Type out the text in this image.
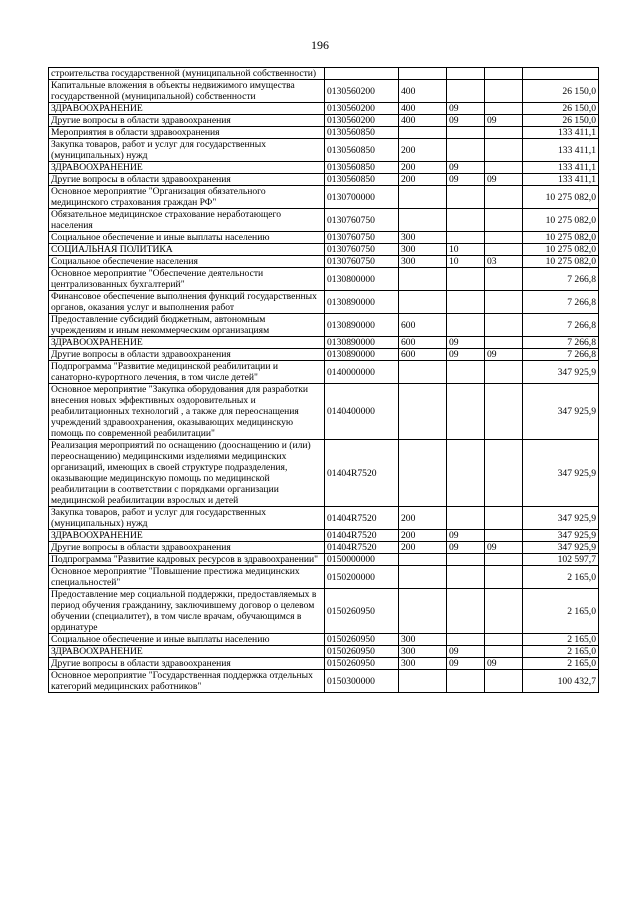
196
строительства государственной (муниципальной собственности)					
Капитальные вложения в объекты недвижимого имущества государственной (муниципальной) собственности	0130560200	400			26 150,0
ЗДРАВООХРАНЕНИЕ	0130560200	400	09		26 150,0
Другие вопросы в области здравоохранения	0130560200	400	09	09	26 150,0
Мероприятия в области здравоохранения	0130560850				133 411,1
Закупка товаров, работ и услуг для государственных (муниципальных) нужд	0130560850	200			133 411,1
ЗДРАВООХРАНЕНИЕ	0130560850	200	09		133 411,1
Другие вопросы в области здравоохранения	0130560850	200	09	09	133 411,1
Основное мероприятие "Организация обязательного медицинского страхования граждан РФ"	0130700000				10 275 082,0
Обязательное медицинское страхование неработающего населения	0130760750				10 275 082,0
Социальное обеспечение и иные выплаты населению	0130760750	300			10 275 082,0
СОЦИАЛЬНАЯ ПОЛИТИКА	0130760750	300	10		10 275 082,0
Социальное обеспечение населения	0130760750	300	10	03	10 275 082,0
Основное мероприятие "Обеспечение деятельности централизованных бухгалтерий"	0130800000				7 266,8
Финансовое обеспечение выполнения функций государственных органов, оказания услуг и выполнения работ	0130890000				7 266,8
Предоставление субсидий бюджетным, автономным учреждениям и иным некоммерческим организациям	0130890000	600			7 266,8
ЗДРАВООХРАНЕНИЕ	0130890000	600	09		7 266,8
Другие вопросы в области здравоохранения	0130890000	600	09	09	7 266,8
Подпрограмма "Развитие медицинской реабилитации и санаторно-курортного лечения, в том числе детей"	0140000000				347 925,9
Основное мероприятие "Закупка оборудования для разработки внесения новых эффективных оздоровительных и реабилитационных технологий , а также для переоснащения учреждений здравоохранения, оказывающих медицинскую помощь по современной реабилитации"	0140400000				347 925,9
Реализация мероприятий по оснащению (дооснащению и (или) переоснащению) медицинскими изделиями медицинских организаций, имеющих в своей структуре подразделения, оказывающие медицинскую помощь по медицинской реабилитации в соответствии с порядками организации медицинской реабилитации взрослых и детей	01404R7520				347 925,9
Закупка товаров, работ и услуг для государственных (муниципальных) нужд	01404R7520	200			347 925,9
ЗДРАВООХРАНЕНИЕ	01404R7520	200	09		347 925,9
Другие вопросы в области здравоохранения	01404R7520	200	09	09	347 925,9
Подпрограмма "Развитие кадровых ресурсов в здравоохранении"	0150000000				102 597,7
Основное мероприятие "Повышение престижа медицинских специальностей"	0150200000				2 165,0
Предоставление мер социальной поддержки, предоставляемых в период обучения гражданину, заключившему договор о целевом обучении (специалитет), в том числе врачам, обучающимся в ординатуре	0150260950				2 165,0
Социальное обеспечение и иные выплаты населению	0150260950	300			2 165,0
ЗДРАВООХРАНЕНИЕ	0150260950	300	09		2 165,0
Другие вопросы в области здравоохранения	0150260950	300	09	09	2 165,0
Основное мероприятие "Государственная поддержка отдельных категорий медицинских работников"	0150300000				100 432,7
